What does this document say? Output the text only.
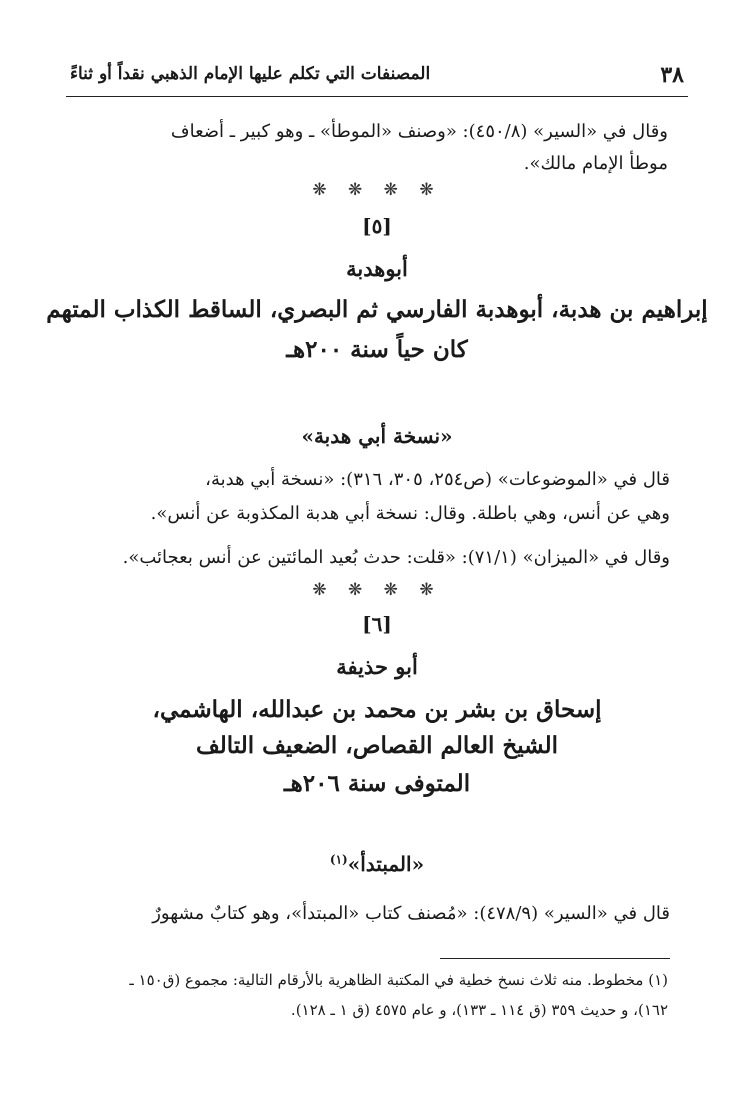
٣٨
المصنفات التي تكلم عليها الإمام الذهبي نقداً أو ثناءً
وقال في «السير» (٤٥٠/٨): «وصنف «الموطأ» ـ وهو كبير ـ أضعاف
موطأ الإمام مالك».
❋ ❋ ❋ ❋
[٥]
أبوهدبة
إبراهيم بن هدبة، أبوهدبة الفارسي ثم البصري، الساقط الكذاب المتهم
كان حياً سنة ٢٠٠هـ
«نسخة أبي هدبة»
قال في «الموضوعات» (ص٢٥٤، ٣٠٥، ٣١٦): «نسخة أبي هدبة،
وهي عن أنس، وهي باطلة. وقال: نسخة أبي هدبة المكذوبة عن أنس».
وقال في «الميزان» (٧١/١): «قلت: حدث بُعيد المائتين عن أنس بعجائب».
❋ ❋ ❋ ❋
[٦]
أبو حذيفة
إسحاق بن بشر بن محمد بن عبدالله، الهاشمي،
الشيخ العالم القصاص، الضعيف التالف
المتوفى سنة ٢٠٦هـ
«المبتدأ»$^{(١)}$
قال في «السير» (٤٧٨/٩): «مُصنف كتاب «المبتدأ»، وهو كتابٌ مشهورٌ
(١) مخطوط. منه ثلاث نسخ خطية في المكتبة الظاهرية بالأرقام التالية: مجموع (ق١٥٠ ـ
١٦٢)، و حديث ٣٥٩ (ق ١١٤ ـ ١٣٣)، و عام ٤٥٧٥ (ق ١ ـ ١٢٨).
